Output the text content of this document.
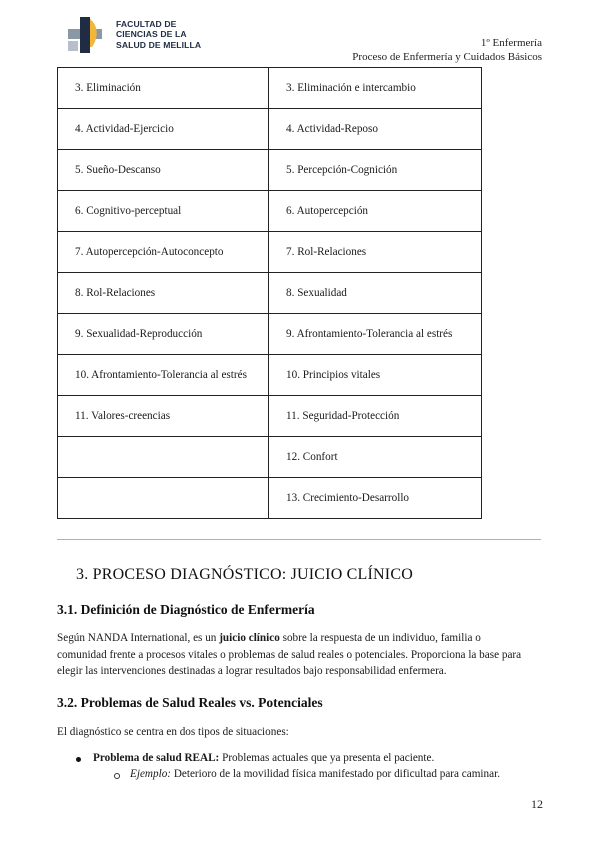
FACULTAD DE
CIENCIAS DE LA
SALUD DE MELILLA	1º Enfermería
Proceso de Enfermería y Cuidados Básicos
3. Eliminación	3. Eliminación e intercambio
4. Actividad-Ejercicio	4. Actividad-Reposo
5. Sueño-Descanso	5. Percepción-Cognición
6. Cognitivo-perceptual	6. Autopercepción
7. Autopercepción-Autoconcepto	7. Rol-Relaciones
8. Rol-Relaciones	8. Sexualidad
9. Sexualidad-Reproducción	9. Afrontamiento-Tolerancia al estrés
10. Afrontamiento-Tolerancia al estrés	10. Principios vitales
11. Valores-creencias	11. Seguridad-Protección
	12. Confort
	13. Crecimiento-Desarrollo
3. PROCESO DIAGNÓSTICO: JUICIO CLÍNICO
3.1. Definición de Diagnóstico de Enfermería
Según NANDA International, es un juicio clínico sobre la respuesta de un individuo, familia o comunidad frente a procesos vitales o problemas de salud reales o potenciales. Proporciona la base para elegir las intervenciones destinadas a lograr resultados bajo responsabilidad enfermera.
3.2. Problemas de Salud Reales vs. Potenciales
El diagnóstico se centra en dos tipos de situaciones:
Problema de salud REAL: Problemas actuales que ya presenta el paciente.
Ejemplo: Deterioro de la movilidad física manifestado por dificultad para caminar.
12
